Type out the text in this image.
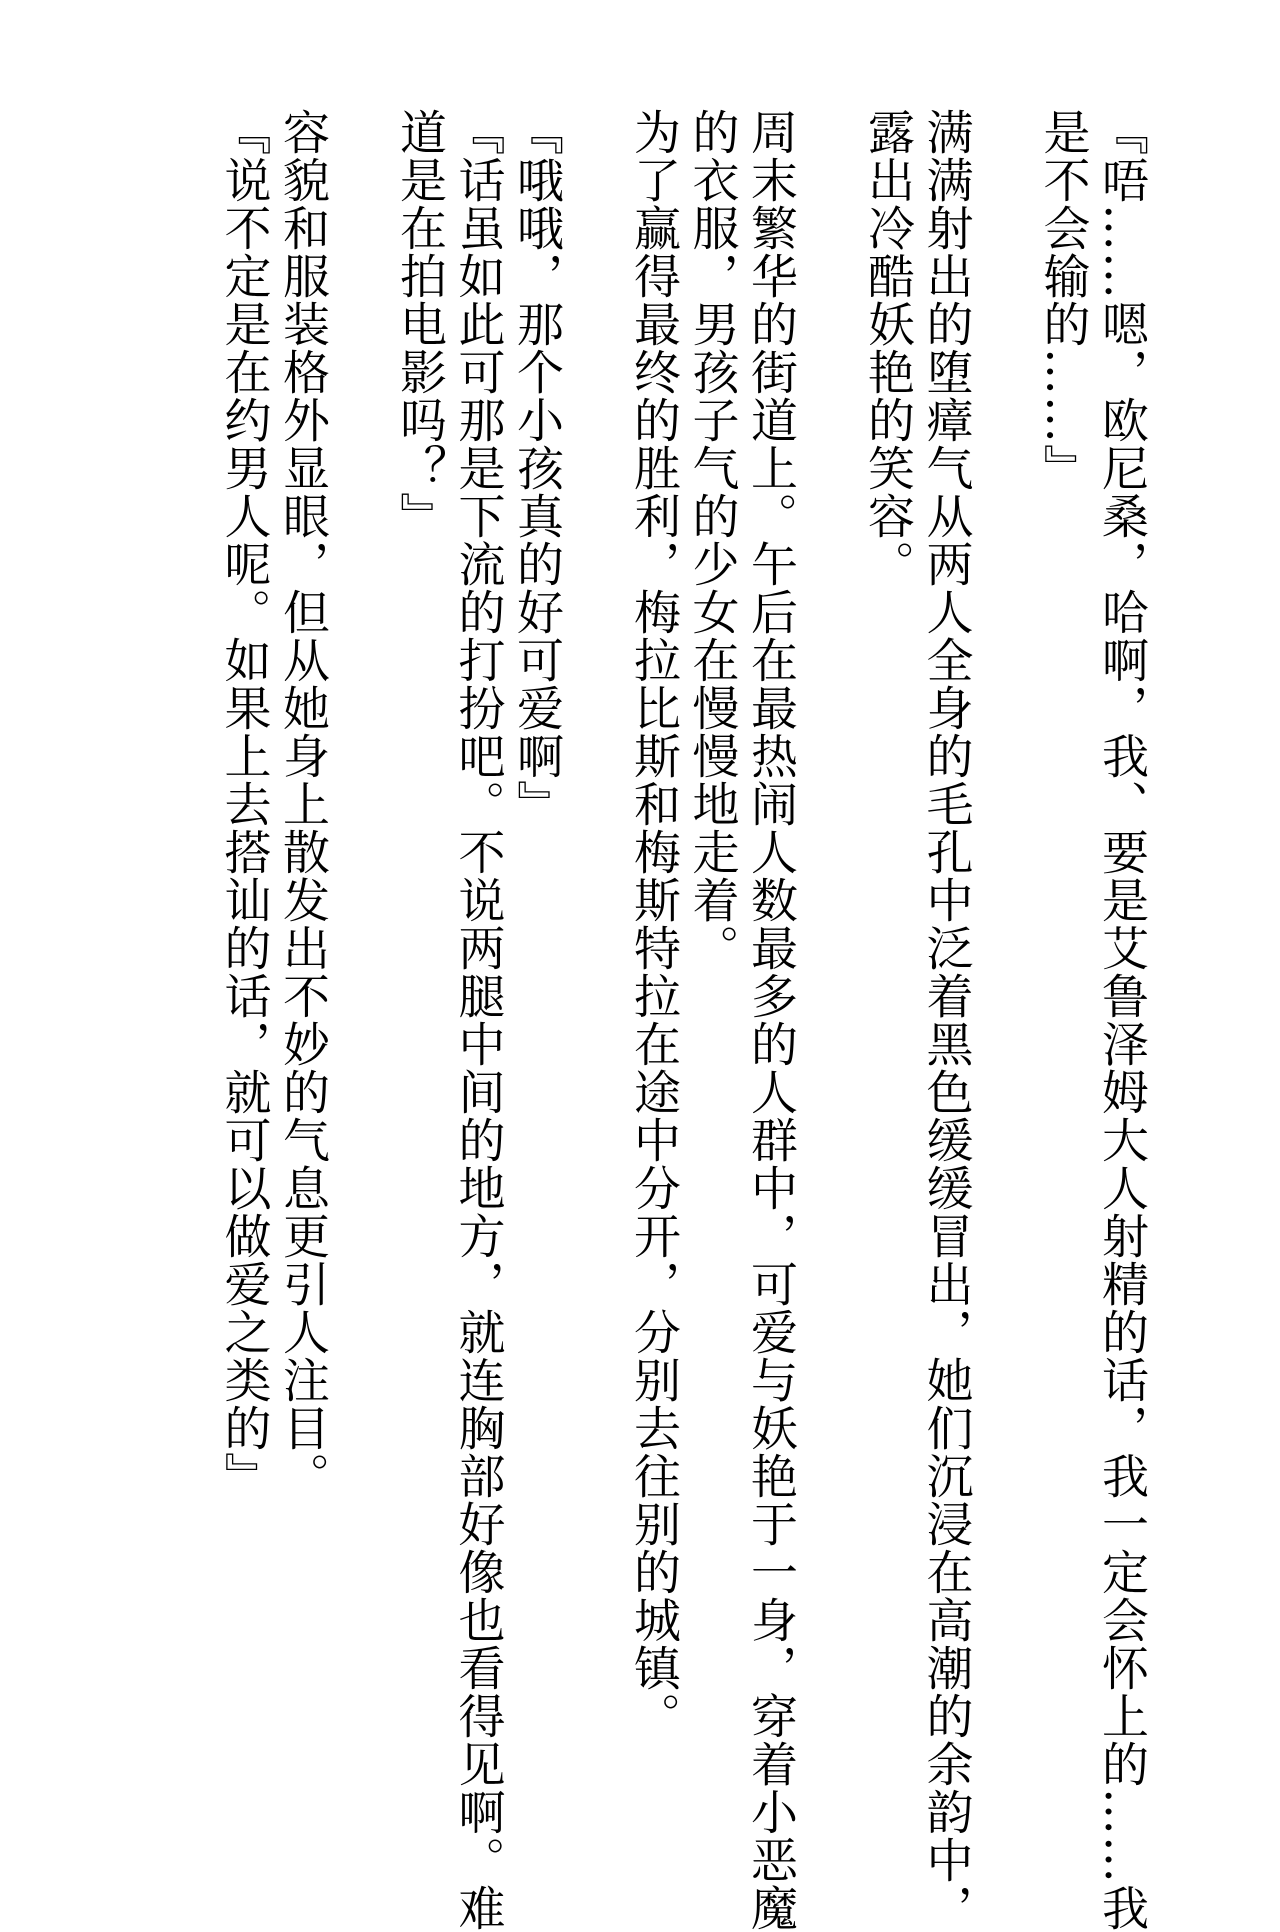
『唔……嗯，欧尼桑，哈啊，我、要是艾鲁泽姆大人射精的话，我一定会怀上的……我
是不会输的……』

满满射出的堕瘴气从两人全身的毛孔中泛着黑色缓缓冒出，她们沉浸在高潮的余韵中，
露出冷酷妖艳的笑容。

周末繁华的街道上。午后在最热闹人数最多的人群中，可爱与妖艳于一身，穿着小恶魔
的衣服，男孩子气的少女在慢慢地走着。
为了赢得最终的胜利，梅拉比斯和梅斯特拉在途中分开，分别去往别的城镇。

『哦哦，那个小孩真的好可爱啊』
『话虽如此可那是下流的打扮吧。不说两腿中间的地方，就连胸部好像也看得见啊。难
道是在拍电影吗？』

容貌和服装格外显眼，但从她身上散发出不妙的气息更引人注目。
『说不定是在约男人呢。如果上去搭讪的话，就可以做爱之类的』
